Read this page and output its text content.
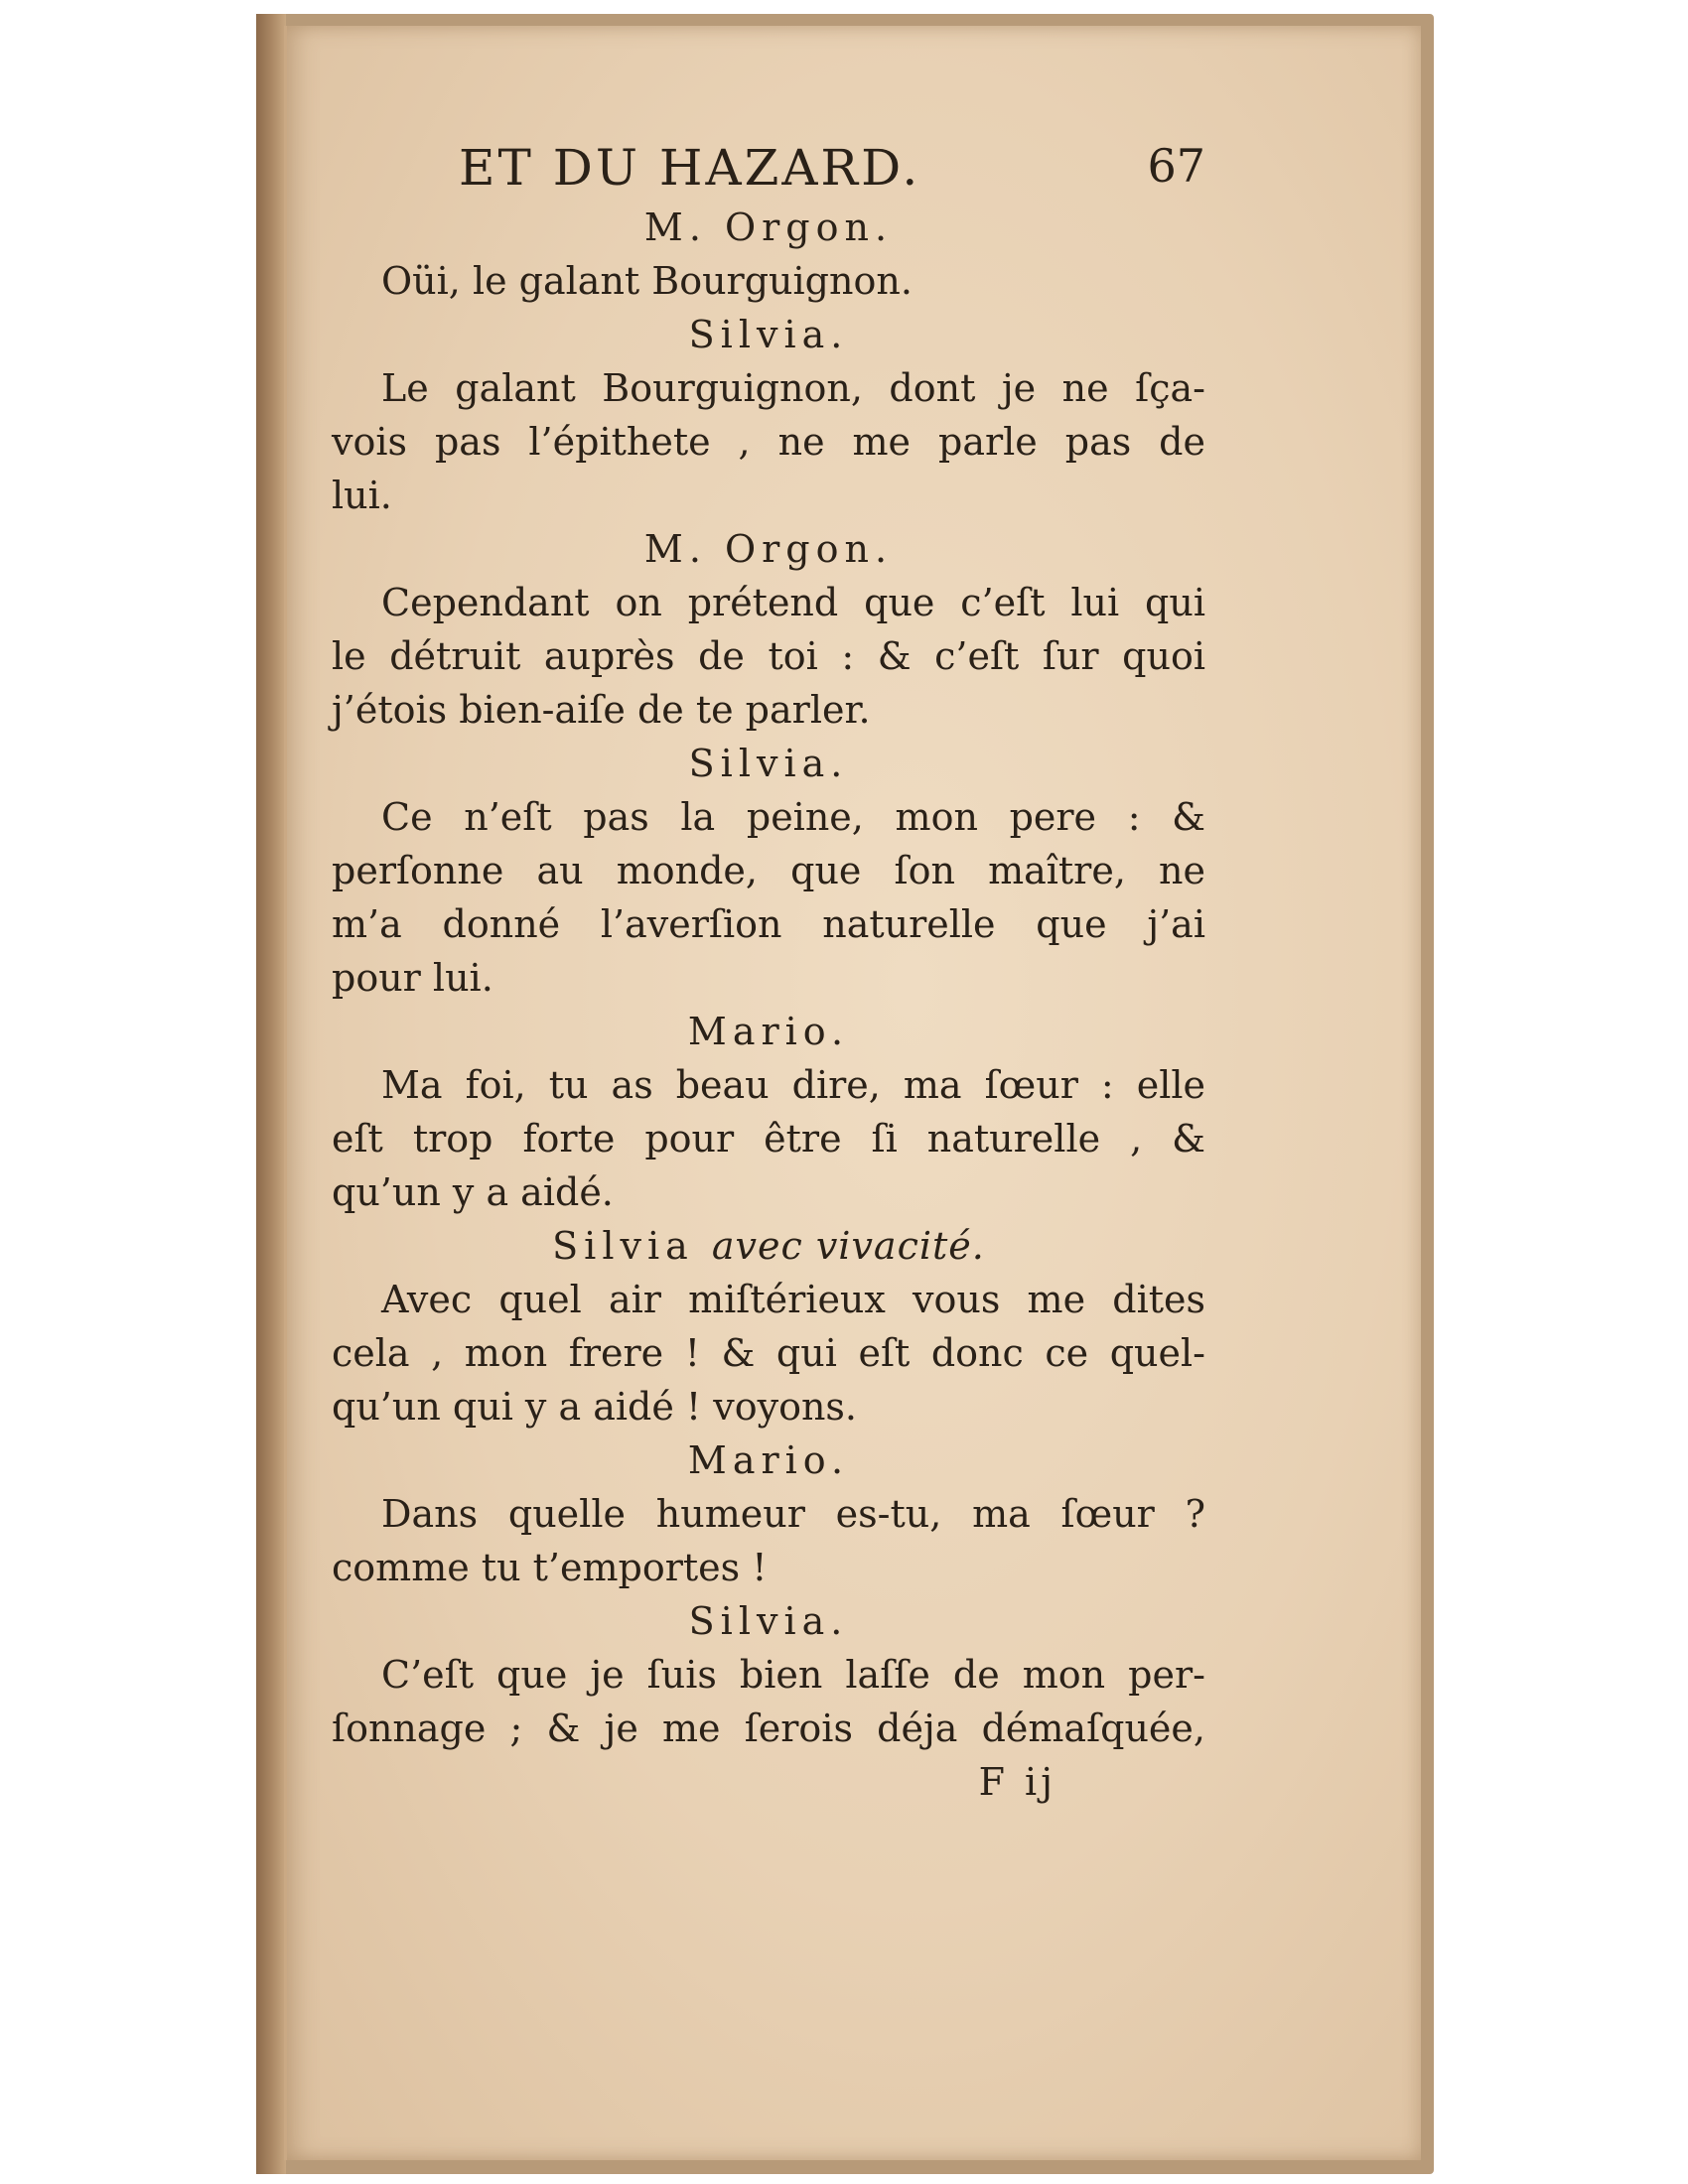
ET DU HAZARD.	67
M. Orgon.
Oüi, le galant Bourguignon.
Silvia.
Le galant Bourguignon, dont je ne ſça-
vois pas l’épithete , ne me parle pas de
lui.
M. Orgon.
Cependant on prétend que c’eſt lui qui
le détruit auprès de toi : & c’eſt ſur quoi
j’étois bien-aiſe de te parler.
Silvia.
Ce n’eſt pas la peine, mon pere : &
perſonne au monde, que ſon maître, ne
m’a donné l’averſion naturelle que j’ai
pour lui.
Mario.
Ma foi, tu as beau dire, ma ſœur : elle
eſt trop forte pour être ſi naturelle , &
qu’un y a aidé.
Silvia avec vivacité.
Avec quel air miſtérieux vous me dites
cela , mon frere ! & qui eſt donc ce quel-
qu’un qui y a aidé ! voyons.
Mario.
Dans quelle humeur es-tu, ma ſœur ?
comme tu t’emportes !
Silvia.
C’eſt que je ſuis bien laſſe de mon per-
ſonnage ; & je me ſerois déja démaſquée,
F ij
